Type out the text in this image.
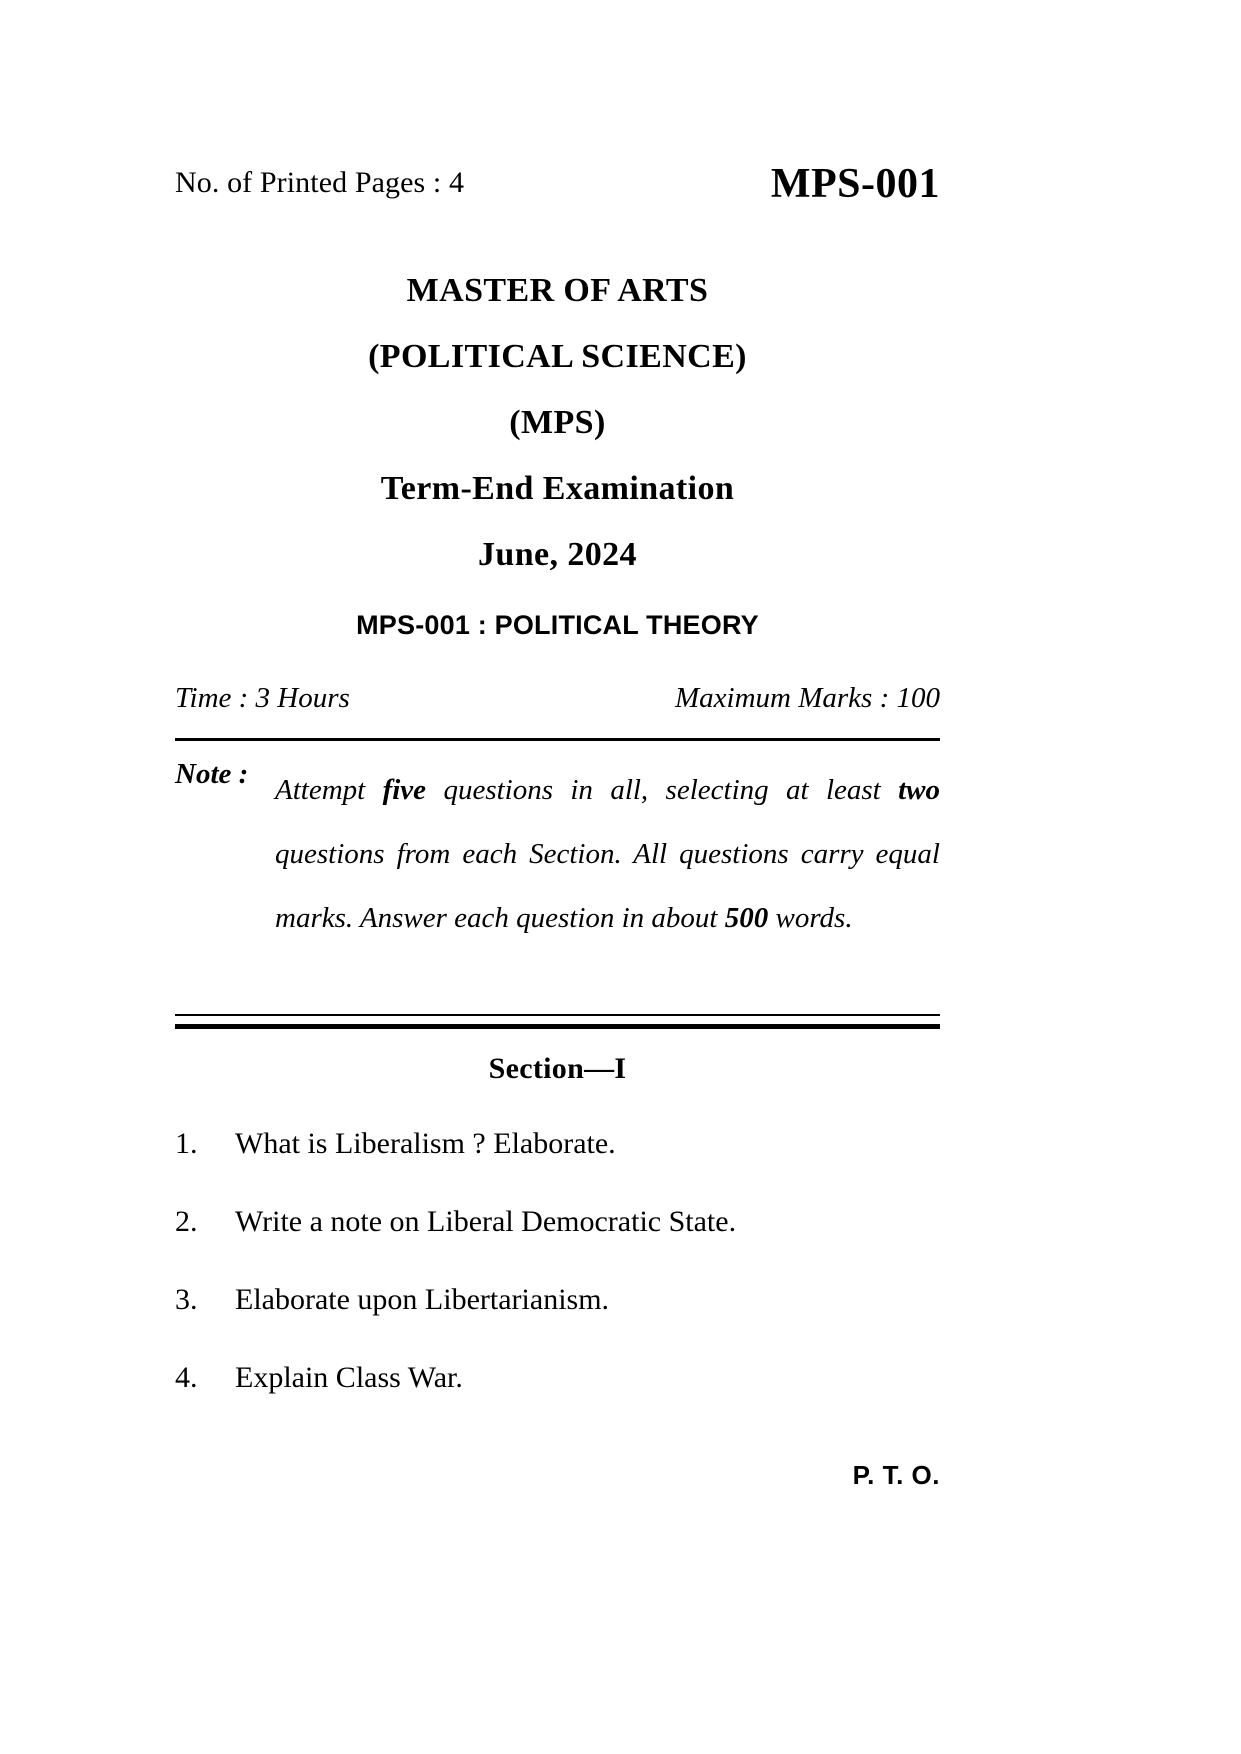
No. of Printed Pages : 4	MPS-001
MASTER OF ARTS
(POLITICAL SCIENCE)
(MPS)
Term-End Examination
June, 2024
MPS-001 : POLITICAL THEORY
Time : 3 Hours	Maximum Marks : 100
Note : Attempt five questions in all, selecting at least two questions from each Section. All questions carry equal marks. Answer each question in about 500 words.
Section—I
1.	What is Liberalism ? Elaborate.
2.	Write a note on Liberal Democratic State.
3.	Elaborate upon Libertarianism.
4.	Explain Class War.
P. T. O.
